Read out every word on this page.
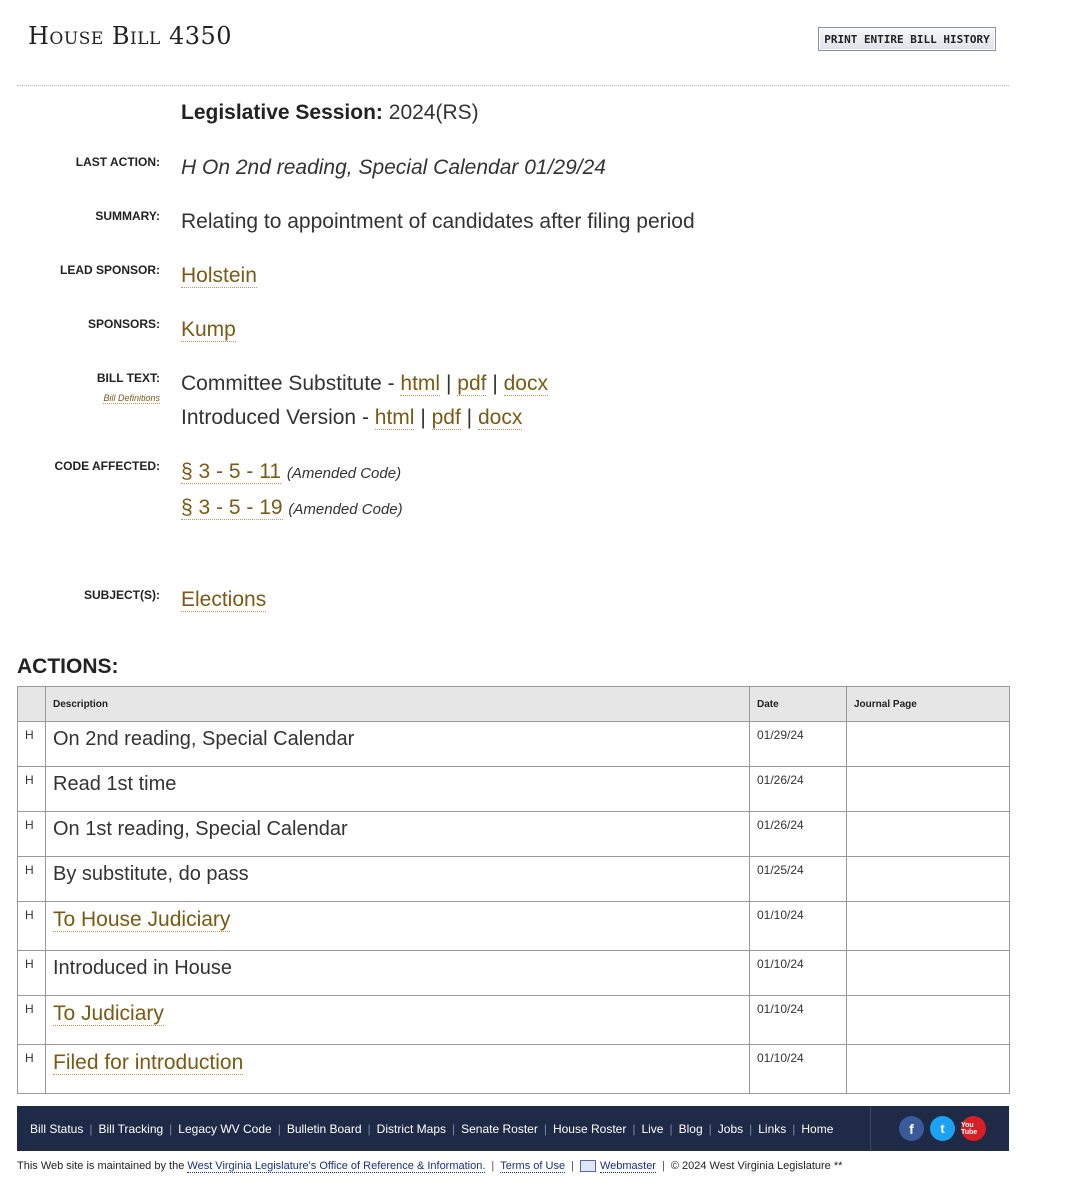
House Bill 4350	PRINT ENTIRE BILL HISTORY
Legislative Session: 2024(RS)
LAST ACTION: H On 2nd reading, Special Calendar 01/29/24
SUMMARY: Relating to appointment of candidates after filing period
LEAD SPONSOR: Holstein
SPONSORS: Kump
BILL TEXT:
Bill Definitions
Committee Substitute - html | pdf | docx
Introduced Version - html | pdf | docx
CODE AFFECTED: § 3 - 5 - 11 (Amended Code)
§ 3 - 5 - 19 (Amended Code)
SUBJECT(S): Elections
ACTIONS:
	Description	Date	Journal Page
H	On 2nd reading, Special Calendar	01/29/24	
H	Read 1st time	01/26/24	
H	On 1st reading, Special Calendar	01/26/24	
H	By substitute, do pass	01/25/24	
H	To House Judiciary	01/10/24	
H	Introduced in House	01/10/24	
H	To Judiciary	01/10/24	
H	Filed for introduction	01/10/24	
Bill Status | Bill Tracking | Legacy WV Code | Bulletin Board | District Maps | Senate Roster | House Roster | Live | Blog | Jobs | Links | Home	f	t	You Tube
This Web site is maintained by the West Virginia Legislature's Office of Reference & Information. | Terms of Use | Webmaster | © 2024 West Virginia Legislature **
